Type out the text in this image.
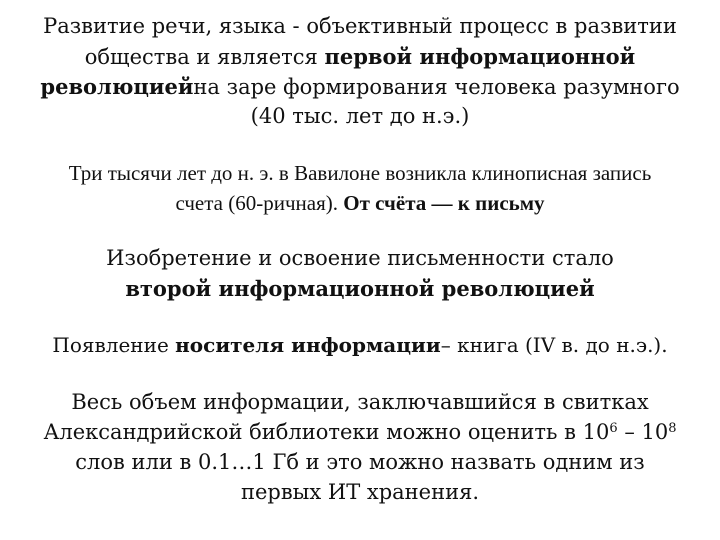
Развитие речи, языка - объективный процесс в развитии
общества и является первой информационной
революциейна заре формирования человека разумного
(40 тыс. лет до н.э.)
Три тысячи лет до н. э. в Вавилоне возникла клинописная запись
счета (60-ричная). От счёта — к письму
Изобретение и освоение письменности стало
второй информационной революцией
Появление носителя информации– книга (IV в. до н.э.).
Весь объем информации, заключавшийся в свитках
Александрийской библиотеки можно оценить в $10^6 - 10^8$
слов или в 0.1…1 Гб и это можно назвать одним из
первых ИТ хранения.
